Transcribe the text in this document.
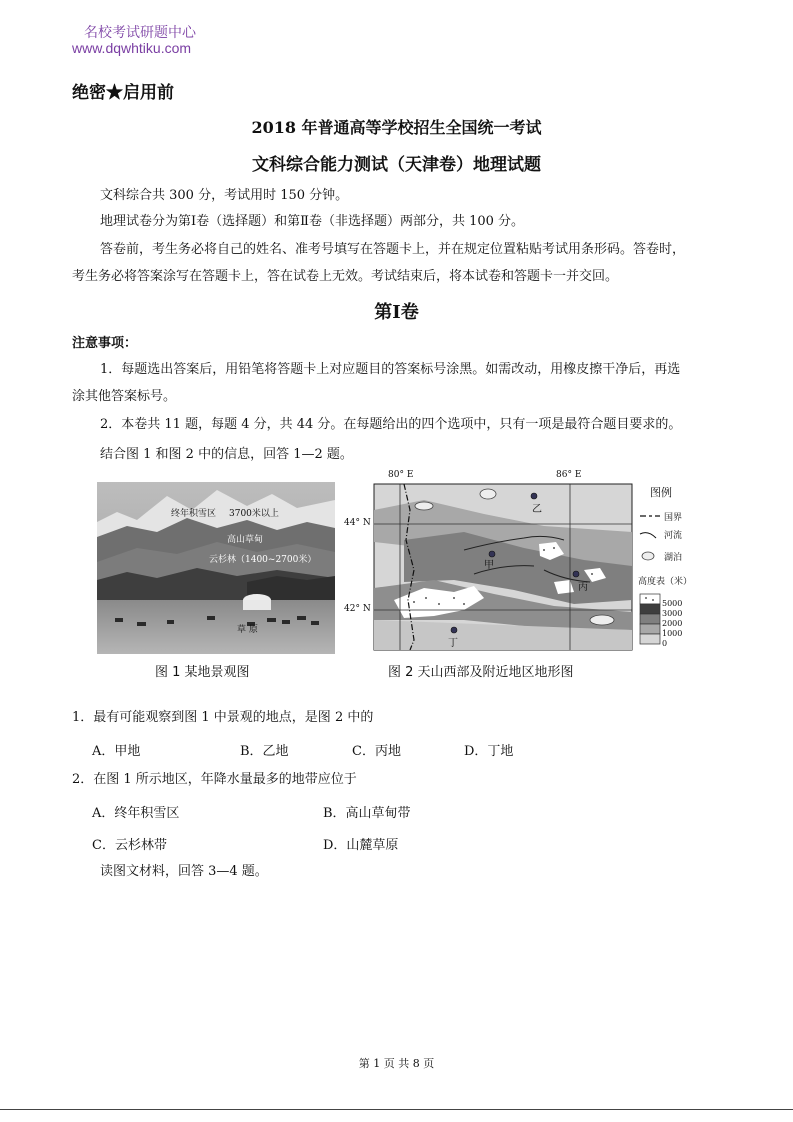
名校考试研题中心
www.dqwhtiku.com
绝密★启用前
2018 年普通高等学校招生全国统一考试
文科综合能力测试（天津卷）地理试题
文科综合共 300 分，考试用时 150 分钟。
地理试卷分为第Ⅰ卷（选择题）和第Ⅱ卷（非选择题）两部分，共 100 分。
答卷前，考生务必将自己的姓名、准考号填写在答题卡上，并在规定位置粘贴考试用条形码。答卷时，
考生务必将答案涂写在答题卡上，答在试卷上无效。考试结束后，将本试卷和答题卡一并交回。
第Ⅰ卷
注意事项：
1．每题选出答案后，用铅笔将答题卡上对应题目的答案标号涂黑。如需改动，用橡皮擦干净后，再选
涂其他答案标号。
2．本卷共 11 题，每题 4 分，共 44 分。在每题给出的四个选项中，只有一项是最符合题目要求的。
结合图 1 和图 2 中的信息，回答 1—2 题。
终年积雪区 3700米以上
高山草甸
云杉林（1400~2700米）
草 原
图 1 某地景观图
80° E	86° E
44° N
42° N
乙
甲
丙
丁
图例
国界
河流
湖泊
高度表（米）
5000
3000
2000
1000
0
图 2 天山西部及附近地区地形图
1．最有可能观察到图 1 中景观的地点，是图 2 中的
A．甲地	B．乙地	C．丙地	D．丁地
2．在图 1 所示地区，年降水量最多的地带应位于
A．终年积雪区	B．高山草甸带
C．云杉林带	D．山麓草原
读图文材料，回答 3—4 题。
第 1 页 共 8 页
